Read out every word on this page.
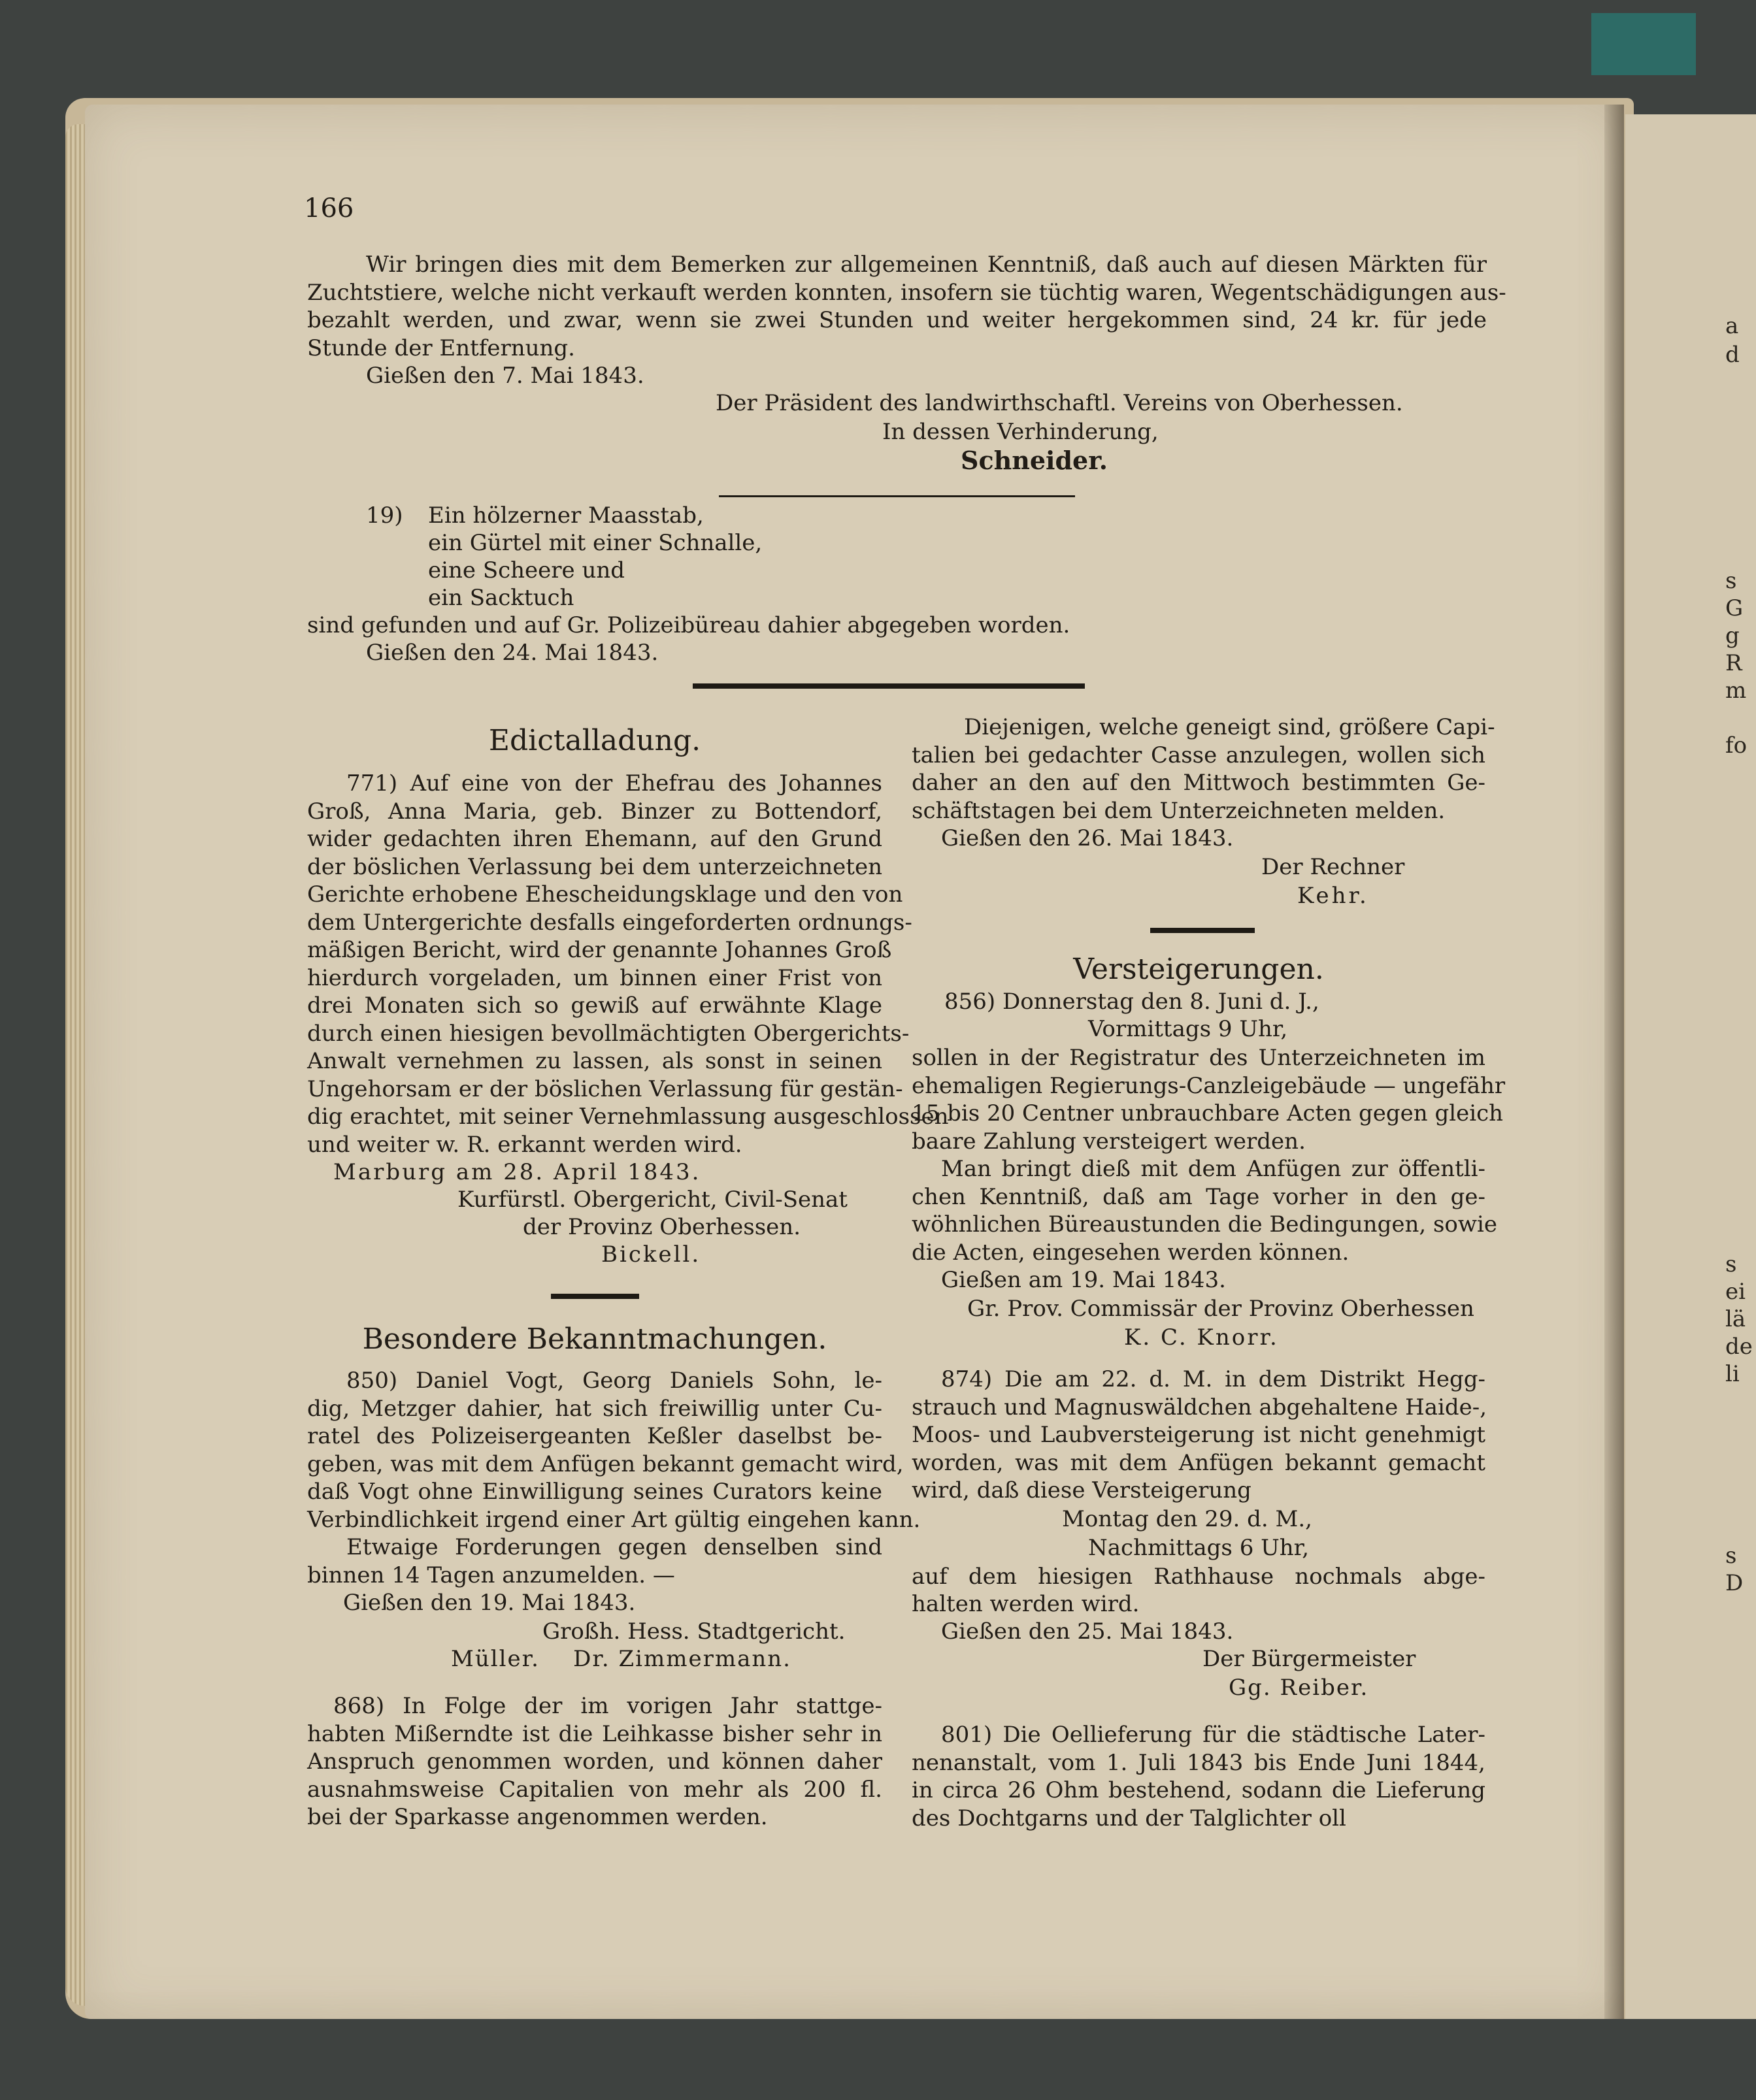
a
d
s
G
g
R
m
fo
s
ei
lä
de
li
s
D
166
Wir bringen dies mit dem Bemerken zur allgemeinen Kenntniß, daß auch auf diesen Märkten für
Zuchtstiere, welche nicht verkauft werden konnten, insofern sie tüchtig waren, Wegentschädigungen aus-
bezahlt werden, und zwar, wenn sie zwei Stunden und weiter hergekommen sind, 24 kr. für jede
Stunde der Entfernung.
Gießen den 7. Mai 1843.
Der Präsident des landwirthschaftl. Vereins von Oberhessen.
In dessen Verhinderung,
Schneider.
19) Ein hölzerner Maasstab,
ein Gürtel mit einer Schnalle,
eine Scheere und
ein Sacktuch
sind gefunden und auf Gr. Polizeibüreau dahier abgegeben worden.
Gießen den 24. Mai 1843.
Edictalladung.
771) Auf eine von der Ehefrau des Johannes
Groß, Anna Maria, geb. Binzer zu Bottendorf,
wider gedachten ihren Ehemann, auf den Grund
der böslichen Verlassung bei dem unterzeichneten
Gerichte erhobene Ehescheidungsklage und den von
dem Untergerichte desfalls eingeforderten ordnungs-
mäßigen Bericht, wird der genannte Johannes Groß
hierdurch vorgeladen, um binnen einer Frist von
drei Monaten sich so gewiß auf erwähnte Klage
durch einen hiesigen bevollmächtigten Obergerichts-
Anwalt vernehmen zu lassen, als sonst in seinen
Ungehorsam er der böslichen Verlassung für gestän-
dig erachtet, mit seiner Vernehmlassung ausgeschlossen
und weiter w. R. erkannt werden wird.
Marburg am 28. April 1843.
Kurfürstl. Obergericht, Civil-Senat
der Provinz Oberhessen.
Bickell.
Besondere Bekanntmachungen.
850) Daniel Vogt, Georg Daniels Sohn, le-
dig, Metzger dahier, hat sich freiwillig unter Cu-
ratel des Polizeisergeanten Keßler daselbst be-
geben, was mit dem Anfügen bekannt gemacht wird,
daß Vogt ohne Einwilligung seines Curators keine
Verbindlichkeit irgend einer Art gültig eingehen kann.
Etwaige Forderungen gegen denselben sind
binnen 14 Tagen anzumelden. —
Gießen den 19. Mai 1843.
Großh. Hess. Stadtgericht.
Müller.    Dr. Zimmermann.
868) In Folge der im vorigen Jahr stattge-
habten Mißerndte ist die Leihkasse bisher sehr in
Anspruch genommen worden, und können daher
ausnahmsweise Capitalien von mehr als 200 fl.
bei der Sparkasse angenommen werden.
Diejenigen, welche geneigt sind, größere Capi-
talien bei gedachter Casse anzulegen, wollen sich
daher an den auf den Mittwoch bestimmten Ge-
schäftstagen bei dem Unterzeichneten melden.
Gießen den 26. Mai 1843.
Der Rechner
Kehr.
Versteigerungen.
856) Donnerstag den 8. Juni d. J.,
Vormittags 9 Uhr,
sollen in der Registratur des Unterzeichneten im
ehemaligen Regierungs-Canzleigebäude — ungefähr
15 bis 20 Centner unbrauchbare Acten gegen gleich
baare Zahlung versteigert werden.
Man bringt dieß mit dem Anfügen zur öffentli-
chen Kenntniß, daß am Tage vorher in den ge-
wöhnlichen Büreaustunden die Bedingungen, sowie
die Acten, eingesehen werden können.
Gießen am 19. Mai 1843.
Gr. Prov. Commissär der Provinz Oberhessen
K. C. Knorr.
874) Die am 22. d. M. in dem Distrikt Hegg-
strauch und Magnuswäldchen abgehaltene Haide-,
Moos- und Laubversteigerung ist nicht genehmigt
worden, was mit dem Anfügen bekannt gemacht
wird, daß diese Versteigerung
Montag den 29. d. M.,
Nachmittags 6 Uhr,
auf dem hiesigen Rathhause nochmals abge-
halten werden wird.
Gießen den 25. Mai 1843.
Der Bürgermeister
Gg. Reiber.
801) Die Oellieferung für die städtische Later-
nenanstalt, vom 1. Juli 1843 bis Ende Juni 1844,
in circa 26 Ohm bestehend, sodann die Lieferung
des Dochtgarns und der Talglichter oll
